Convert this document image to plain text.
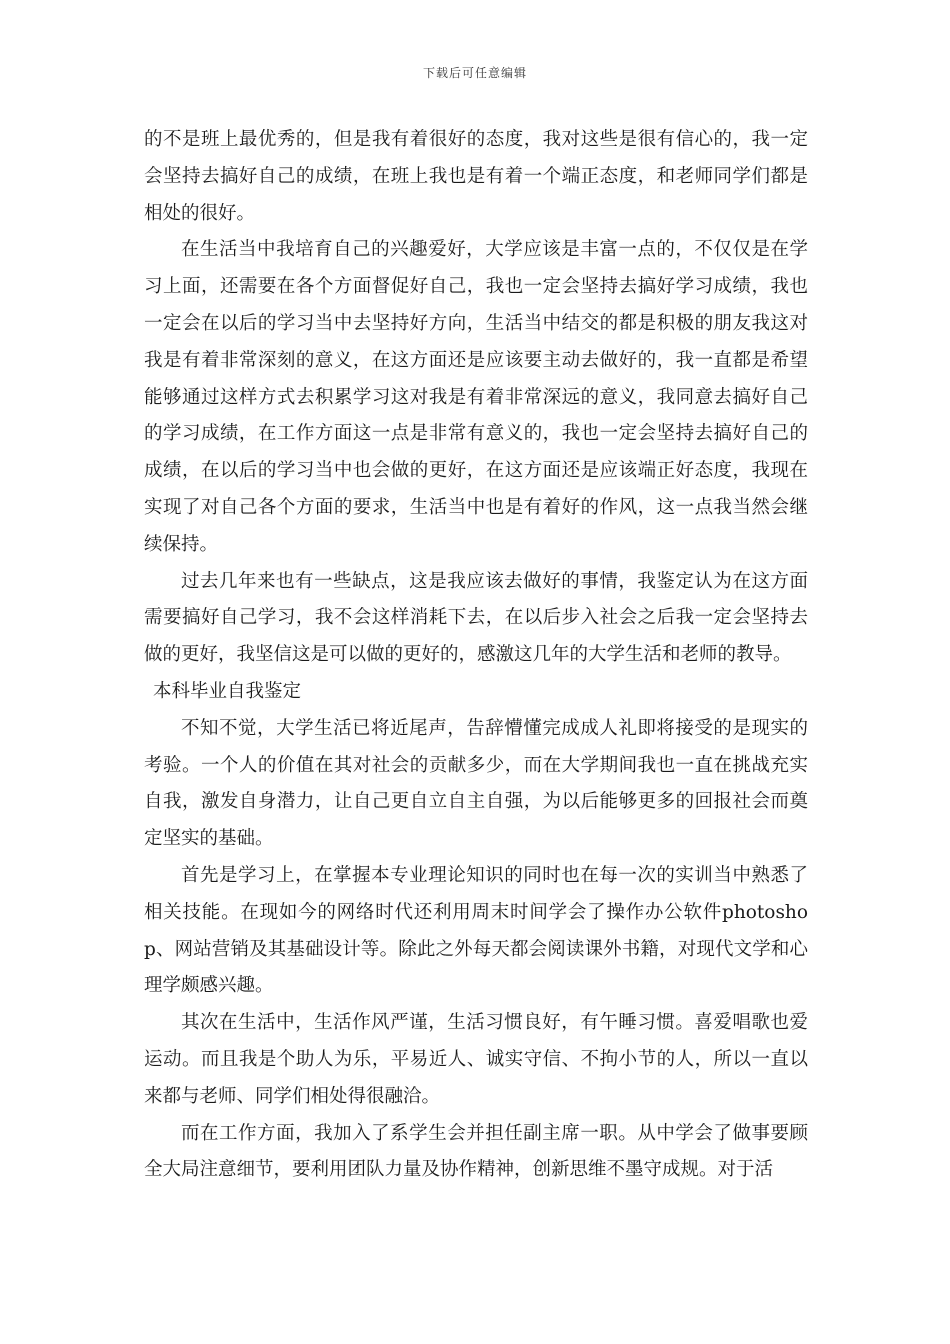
下载后可任意编辑

的不是班上最优秀的，但是我有着很好的态度，我对这些是很有信心的，我一定会坚持去搞好自己的成绩，在班上我也是有着一个端正态度，和老师同学们都是相处的很好。

在生活当中我培育自己的兴趣爱好，大学应该是丰富一点的，不仅仅是在学习上面，还需要在各个方面督促好自己，我也一定会坚持去搞好学习成绩，我也一定会在以后的学习当中去坚持好方向，生活当中结交的都是积极的朋友我这对我是有着非常深刻的意义，在这方面还是应该要主动去做好的，我一直都是希望能够通过这样方式去积累学习这对我是有着非常深远的意义，我同意去搞好自己的学习成绩，在工作方面这一点是非常有意义的，我也一定会坚持去搞好自己的成绩，在以后的学习当中也会做的更好，在这方面还是应该端正好态度，我现在实现了对自己各个方面的要求，生活当中也是有着好的作风，这一点我当然会继续保持。

过去几年来也有一些缺点，这是我应该去做好的事情，我鉴定认为在这方面需要搞好自己学习，我不会这样消耗下去，在以后步入社会之后我一定会坚持去做的更好，我坚信这是可以做的更好的，感激这几年的大学生活和老师的教导。

本科毕业自我鉴定

不知不觉，大学生活已将近尾声，告辞懵懂完成成人礼即将接受的是现实的考验。一个人的价值在其对社会的贡献多少，而在大学期间我也一直在挑战充实自我，激发自身潜力，让自己更自立自主自强，为以后能够更多的回报社会而奠定坚实的基础。

首先是学习上，在掌握本专业理论知识的同时也在每一次的实训当中熟悉了相关技能。在现如今的网络时代还利用周末时间学会了操作办公软件photoshop、网站营销及其基础设计等。除此之外每天都会阅读课外书籍，对现代文学和心理学颇感兴趣。

其次在生活中，生活作风严谨，生活习惯良好，有午睡习惯。喜爱唱歌也爱运动。而且我是个助人为乐，平易近人、诚实守信、不拘小节的人，所以一直以来都与老师、同学们相处得很融洽。

而在工作方面，我加入了系学生会并担任副主席一职。从中学会了做事要顾全大局注意细节，要利用团队力量及协作精神，创新思维不墨守成规。对于活
